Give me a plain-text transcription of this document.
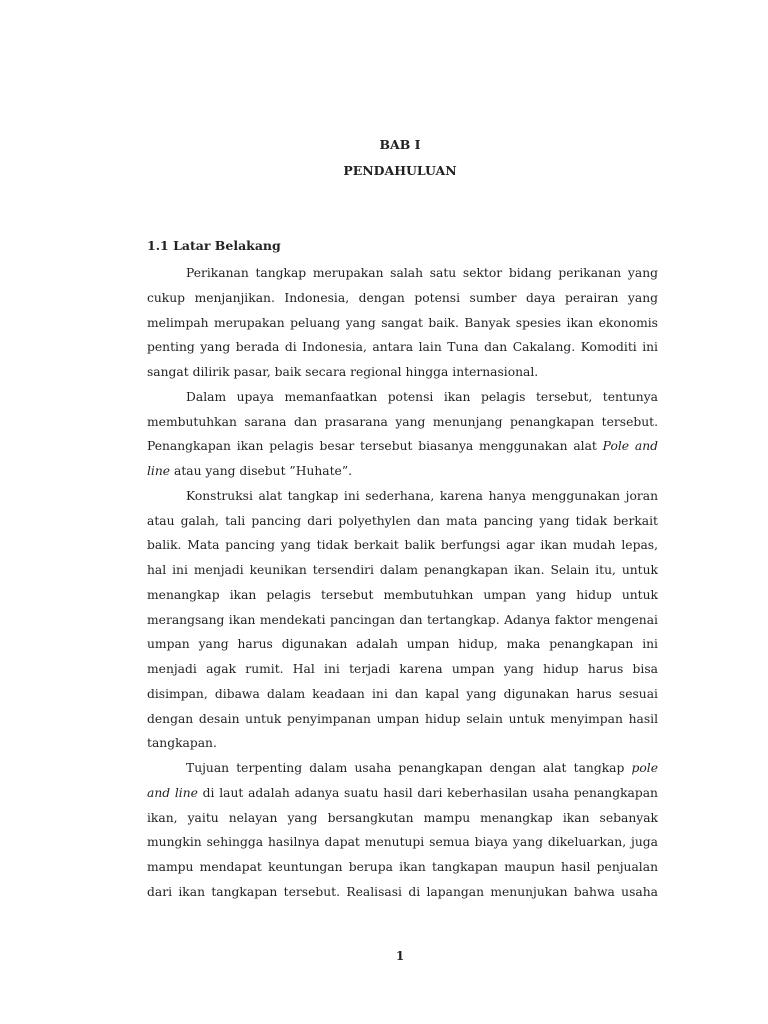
BAB I
PENDAHULUAN
1.1 Latar Belakang

Perikanan tangkap merupakan salah satu sektor bidang perikanan yang cukup menjanjikan. Indonesia, dengan potensi sumber daya perairan yang melimpah merupakan peluang yang sangat baik. Banyak spesies ikan ekonomis penting yang berada di Indonesia, antara lain Tuna dan Cakalang. Komoditi ini sangat dilirik pasar, baik secara regional hingga internasional.

Dalam upaya memanfaatkan potensi ikan pelagis tersebut, tentunya membutuhkan sarana dan prasarana yang menunjang penangkapan tersebut. Penangkapan ikan pelagis besar tersebut biasanya menggunakan alat Pole and line atau yang disebut ”Huhate”.

Konstruksi alat tangkap ini sederhana, karena hanya menggunakan joran atau galah, tali pancing dari polyethylen dan mata pancing yang tidak berkait balik. Mata pancing yang tidak berkait balik berfungsi agar ikan mudah lepas, hal ini menjadi keunikan tersendiri dalam penangkapan ikan. Selain itu, untuk menangkap ikan pelagis tersebut membutuhkan umpan yang hidup untuk merangsang ikan mendekati pancingan dan tertangkap. Adanya faktor mengenai umpan yang harus digunakan adalah umpan hidup, maka penangkapan ini menjadi agak rumit. Hal ini terjadi karena umpan yang hidup harus bisa disimpan, dibawa dalam keadaan ini dan kapal yang digunakan harus sesuai dengan desain untuk penyimpanan umpan hidup selain untuk menyimpan hasil tangkapan.

Tujuan terpenting dalam usaha penangkapan dengan alat tangkap pole and line di laut adalah adanya suatu hasil dari keberhasilan usaha penangkapan ikan, yaitu nelayan yang bersangkutan mampu menangkap ikan sebanyak mungkin sehingga hasilnya dapat menutupi semua biaya yang dikeluarkan, juga mampu mendapat keuntungan berupa ikan tangkapan maupun hasil penjualan dari ikan tangkapan tersebut. Realisasi di lapangan menunjukan bahwa usaha

1
